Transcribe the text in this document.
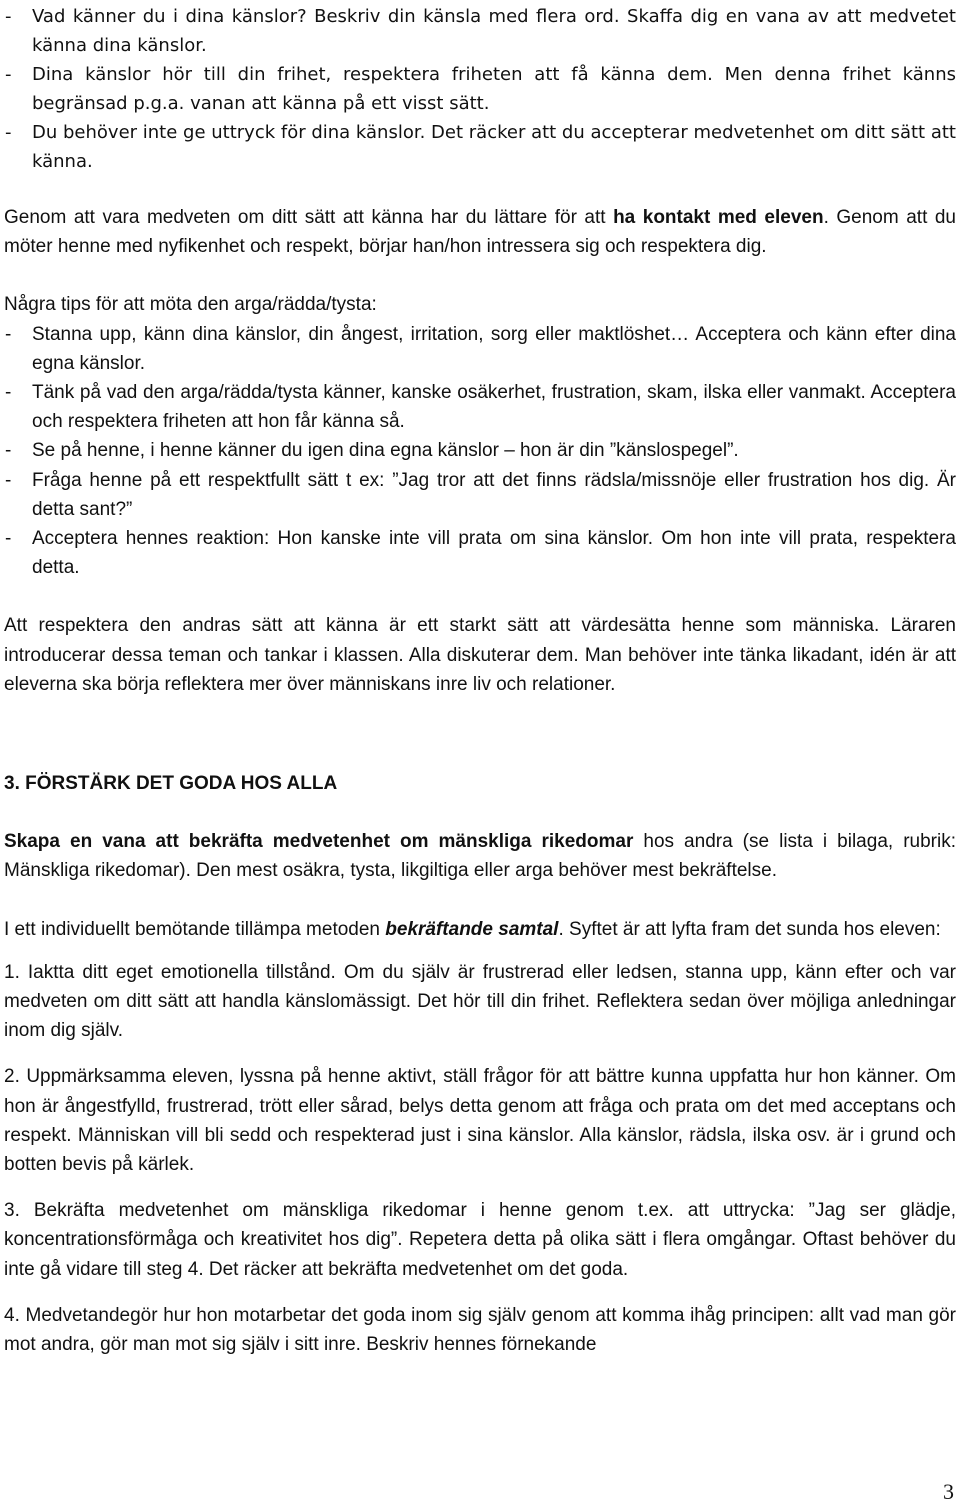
-	Vad känner du i dina känslor? Beskriv din känsla med flera ord. Skaffa dig en vana av att medvetet känna dina känslor.
-	Dina känslor hör till din frihet, respektera friheten att få känna dem. Men denna frihet känns begränsad p.g.a. vanan att känna på ett visst sätt.
-	Du behöver inte ge uttryck för dina känslor. Det räcker att du accepterar medvetenhet om ditt sätt att känna.

Genom att vara medveten om ditt sätt att känna har du lättare för att ha kontakt med eleven. Genom att du möter henne med nyfikenhet och respekt, börjar han/hon intressera sig och respektera dig.

Några tips för att möta den arga/rädda/tysta:

-	Stanna upp, känn dina känslor, din ångest, irritation, sorg eller maktlöshet… Acceptera och känn efter dina egna känslor.
-	Tänk på vad den arga/rädda/tysta känner, kanske osäkerhet, frustration, skam, ilska eller vanmakt. Acceptera och respektera friheten att hon får känna så.
-	Se på henne, i henne känner du igen dina egna känslor – hon är din ”känslospegel”.
-	Fråga henne på ett respektfullt sätt t ex: ”Jag tror att det finns rädsla/missnöje eller frustration hos dig. Är detta sant?”
-	Acceptera hennes reaktion: Hon kanske inte vill prata om sina känslor. Om hon inte vill prata, respektera detta.

Att respektera den andras sätt att känna är ett starkt sätt att värdesätta henne som människa. Läraren introducerar dessa teman och tankar i klassen. Alla diskuterar dem. Man behöver inte tänka likadant, idén är att eleverna ska börja reflektera mer över människans inre liv och relationer.

3. FÖRSTÄRK DET GODA HOS ALLA

Skapa en vana att bekräfta medvetenhet om mänskliga rikedomar hos andra (se lista i bilaga, rubrik: Mänskliga rikedomar). Den mest osäkra, tysta, likgiltiga eller arga behöver mest bekräftelse.

I ett individuellt bemötande tillämpa metoden bekräftande samtal. Syftet är att lyfta fram det sunda hos eleven:

1. Iaktta ditt eget emotionella tillstånd. Om du själv är frustrerad eller ledsen, stanna upp, känn efter och var medveten om ditt sätt att handla känslomässigt. Det hör till din frihet. Reflektera sedan över möjliga anledningar inom dig själv.

2. Uppmärksamma eleven, lyssna på henne aktivt, ställ frågor för att bättre kunna uppfatta hur hon känner. Om hon är ångestfylld, frustrerad, trött eller sårad, belys detta genom att fråga och prata om det med acceptans och respekt. Människan vill bli sedd och respekterad just i sina känslor. Alla känslor, rädsla, ilska osv. är i grund och botten bevis på kärlek.

3. Bekräfta medvetenhet om mänskliga rikedomar i henne genom t.ex. att uttrycka: ”Jag ser glädje, koncentrationsförmåga och kreativitet hos dig”. Repetera detta på olika sätt i flera omgångar. Oftast behöver du inte gå vidare till steg 4. Det räcker att bekräfta medvetenhet om det goda.

4. Medvetandegör hur hon motarbetar det goda inom sig själv genom att komma ihåg principen: allt vad man gör mot andra, gör man mot sig själv i sitt inre. Beskriv hennes förnekande

3
